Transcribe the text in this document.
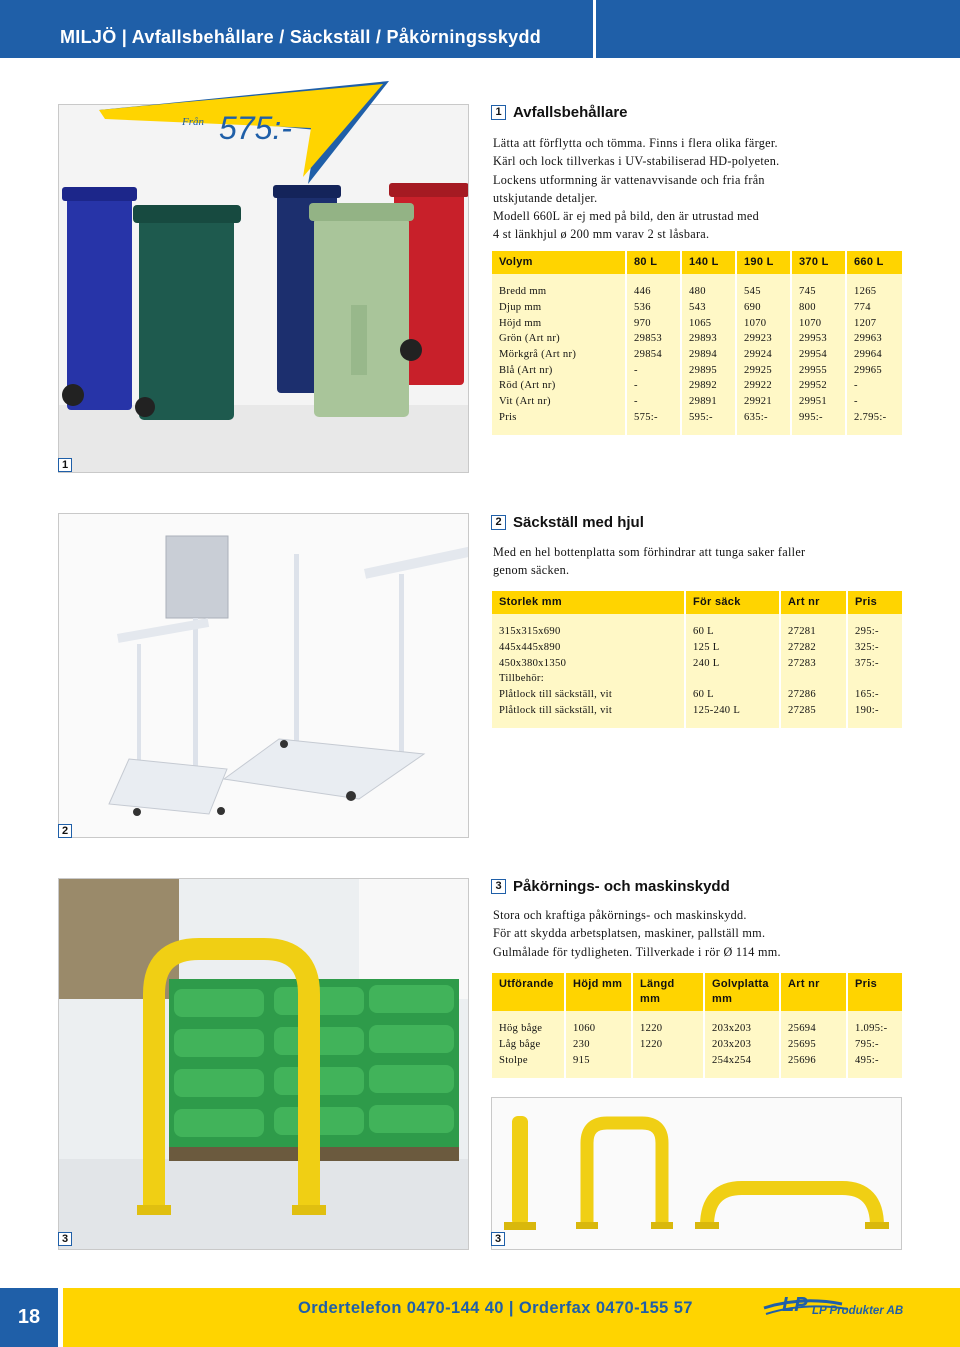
MILJÖ | Avfallsbehållare / Säckställ / Påkörningsskydd
Från 575:-
1
1 Avfallsbehållare
Lätta att förflytta och tömma. Finns i flera olika färger.
Kärl och lock tillverkas i UV-stabiliserad HD-polyeten.
Lockens utformning är vattenavvisande och fria från
utskjutande detaljer.
Modell 660L är ej med på bild, den är utrustad med
4 st länkhjul ø 200 mm varav 2 st låsbara.
Volym	80 L	140 L	190 L	370 L	660 L

Bredd mm	446	480	545	745	1265
Djup mm	536	543	690	800	774
Höjd mm	970	1065	1070	1070	1207
Grön (Art nr)	29853	29893	29923	29953	29963
Mörkgrå (Art nr)	29854	29894	29924	29954	29964
Blå (Art nr)	-	29895	29925	29955	29965
Röd (Art nr)	-	29892	29922	29952	-
Vit (Art nr)	-	29891	29921	29951	-
Pris	575:-	595:-	635:-	995:-	2.795:-

2
2 Säckställ med hjul
Med en hel bottenplatta som förhindrar att tunga saker faller
genom säcken.
Storlek mm	För säck	Art nr	Pris

315x315x690	60 L	27281	295:-
445x445x890	125 L	27282	325:-
450x380x1350	240 L	27283	375:-
Tillbehör:			
Plåtlock till säckställ, vit	60 L	27286	165:-
Plåtlock till säckställ, vit	125-240 L	27285	190:-

3	3
3 Påkörnings- och maskinskydd
Stora och kraftiga påkörnings- och maskinskydd.
För att skydda arbetsplatsen, maskiner, pallställ mm.
Gulmålade för tydligheten. Tillverkade i rör Ø 114 mm.
Utförande	Höjd mm	Längd mm	Golvplatta mm	Art nr	Pris

Hög båge	1060	1220	203x203	25694	1.095:-
Låg båge	230	1220	203x203	25695	795:-
Stolpe	915		254x254	25696	495:-

18	Ordertelefon 0470-144 40 | Orderfax 0470-155 57	LP LP Produkter AB
